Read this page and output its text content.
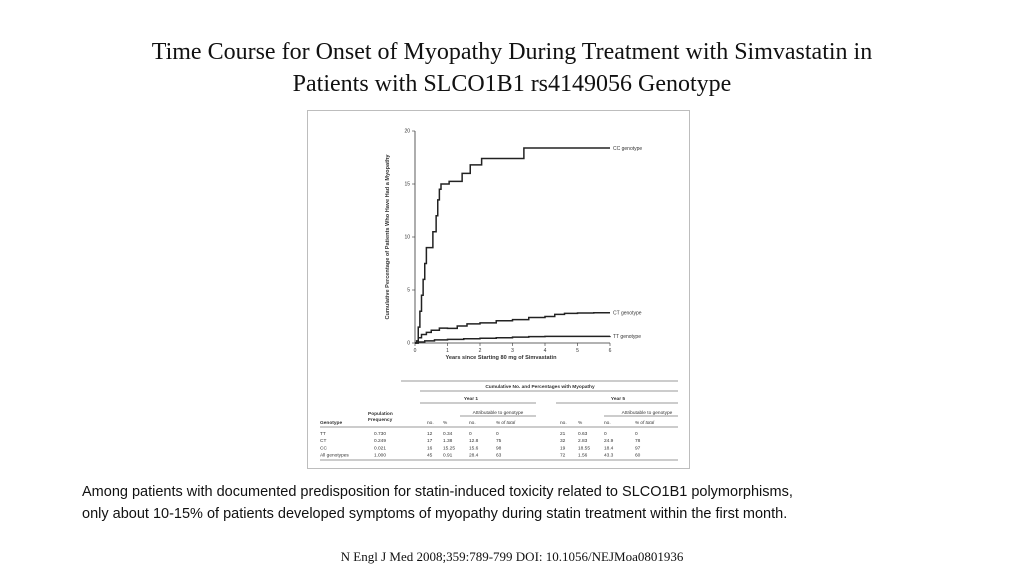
Time Course for Onset of Myopathy During Treatment with Simvastatin in
Patients with SLCO1B1 rs4149056 Genotype
0
5
10
15
20
0	1	2	3	4	5	6
CC genotype
CT genotype
TT genotype
Years since Starting 80 mg of Simvastatin
Cumulative Percentage of Patients Who Have Had a Myopathy
Cumulative No. and Percentages with Myopathy
Year 1	Year 5
Attributable to genotype	Attributable to genotype
Population
Frequency
Genotype	no. %	no.	% of total	no. %	no.	% of total
TT	0.730	12 0.34	0	0	21	0.63	0	0
CT	0.249	17 1.38	12.8	75	32	2.83	24.9	78
CC	0.021	16 15.25	15.6	98	19	18.55	18.4	97
All genotypes	1.000	45 0.91	28.4	63	72	1.56	43.3	60
Among patients with documented predisposition for statin-induced toxicity related to SLCO1B1 polymorphisms,
only about 10-15% of patients developed symptoms of myopathy during statin treatment within the first month.
N Engl J Med 2008;359:789-799 DOI: 10.1056/NEJMoa0801936
